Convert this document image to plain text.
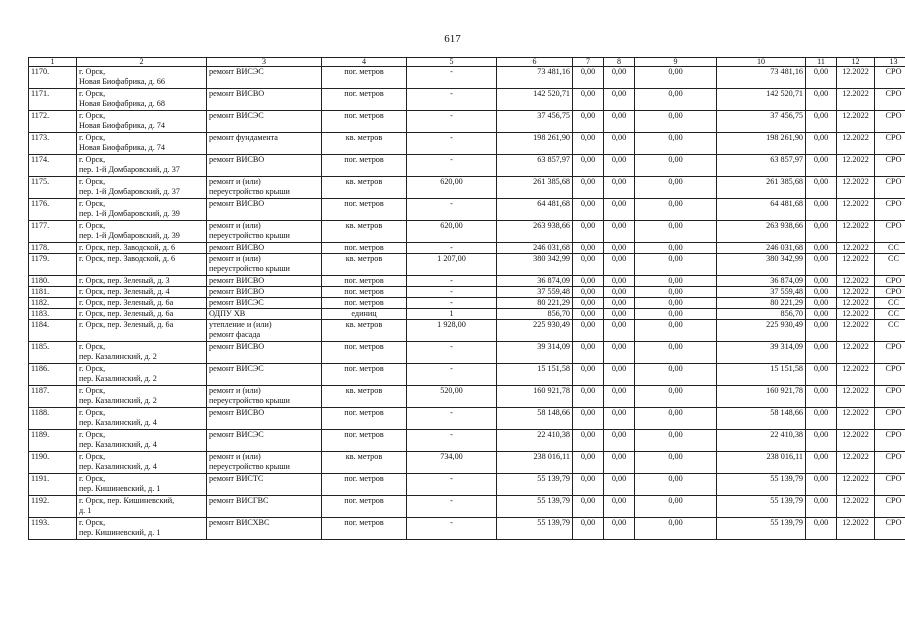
617
1	2	3	4	5	6	7	8	9	10	11	12	13
1170.	г. Орск,
Новая Биофабрика, д. 66	ремонт ВИСЭС	пог. метров	-	73 481,16	0,00	0,00	0,00	73 481,16	0,00	12.2022	СРО
1171.	г. Орск,
Новая Биофабрика, д. 68	ремонт ВИСВО	пог. метров	-	142 520,71	0,00	0,00	0,00	142 520,71	0,00	12.2022	СРО
1172.	г. Орск,
Новая Биофабрика, д. 74	ремонт ВИСЭС	пог. метров	-	37 456,75	0,00	0,00	0,00	37 456,75	0,00	12.2022	СРО
1173.	г. Орск,
Новая Биофабрика, д. 74	ремонт фундамента	кв. метров	-	198 261,90	0,00	0,00	0,00	198 261,90	0,00	12.2022	СРО
1174.	г. Орск,
пер. 1-й Домбаровский, д. 37	ремонт ВИСВО	пог. метров	-	63 857,97	0,00	0,00	0,00	63 857,97	0,00	12.2022	СРО
1175.	г. Орск,
пер. 1-й Домбаровский, д. 37	ремонт и (или)
переустройство крыши	кв. метров	620,00	261 385,68	0,00	0,00	0,00	261 385,68	0,00	12.2022	СРО
1176.	г. Орск,
пер. 1-й Домбаровский, д. 39	ремонт ВИСВО	пог. метров	-	64 481,68	0,00	0,00	0,00	64 481,68	0,00	12.2022	СРО
1177.	г. Орск,
пер. 1-й Домбаровский, д. 39	ремонт и (или)
переустройство крыши	кв. метров	620,00	263 938,66	0,00	0,00	0,00	263 938,66	0,00	12.2022	СРО
1178.	г. Орск, пер. Заводской, д. 6	ремонт ВИСВО	пог. метров	-	246 031,68	0,00	0,00	0,00	246 031,68	0,00	12.2022	СС
1179.	г. Орск, пер. Заводской, д. 6	ремонт и (или)
переустройство крыши	кв. метров	1 207,00	380 342,99	0,00	0,00	0,00	380 342,99	0,00	12.2022	СС
1180.	г. Орск, пер. Зеленый, д. 3	ремонт ВИСВО	пог. метров	-	36 874,09	0,00	0,00	0,00	36 874,09	0,00	12.2022	СРО
1181.	г. Орск, пер. Зеленый, д. 4	ремонт ВИСВО	пог. метров	-	37 559,48	0,00	0,00	0,00	37 559,48	0,00	12.2022	СРО
1182.	г. Орск, пер. Зеленый, д. 6а	ремонт ВИСЭС	пог. метров	-	80 221,29	0,00	0,00	0,00	80 221,29	0,00	12.2022	СС
1183.	г. Орск, пер. Зеленый, д. 6а	ОДПУ ХВ	единиц	1	856,70	0,00	0,00	0,00	856,70	0,00	12.2022	СС
1184.	г. Орск, пер. Зеленый, д. 6а	утепление и (или)
ремонт фасада	кв. метров	1 928,00	225 930,49	0,00	0,00	0,00	225 930,49	0,00	12.2022	СС
1185.	г. Орск,
пер. Казалинский, д. 2	ремонт ВИСВО	пог. метров	-	39 314,09	0,00	0,00	0,00	39 314,09	0,00	12.2022	СРО
1186.	г. Орск,
пер. Казалинский, д. 2	ремонт ВИСЭС	пог. метров	-	15 151,58	0,00	0,00	0,00	15 151,58	0,00	12.2022	СРО
1187.	г. Орск,
пер. Казалинский, д. 2	ремонт и (или)
переустройство крыши	кв. метров	520,00	160 921,78	0,00	0,00	0,00	160 921,78	0,00	12.2022	СРО
1188.	г. Орск,
пер. Казалинский, д. 4	ремонт ВИСВО	пог. метров	-	58 148,66	0,00	0,00	0,00	58 148,66	0,00	12.2022	СРО
1189.	г. Орск,
пер. Казалинский, д. 4	ремонт ВИСЭС	пог. метров	-	22 410,38	0,00	0,00	0,00	22 410,38	0,00	12.2022	СРО
1190.	г. Орск,
пер. Казалинский, д. 4	ремонт и (или)
переустройство крыши	кв. метров	734,00	238 016,11	0,00	0,00	0,00	238 016,11	0,00	12.2022	СРО
1191.	г. Орск,
пер. Кишиневский, д. 1	ремонт ВИСТС	пог. метров	-	55 139,79	0,00	0,00	0,00	55 139,79	0,00	12.2022	СРО
1192.	г. Орск, пер. Кишиневский,
д. 1	ремонт ВИСГВС	пог. метров	-	55 139,79	0,00	0,00	0,00	55 139,79	0,00	12.2022	СРО
1193.	г. Орск,
пер. Кишиневский, д. 1	ремонт ВИСХВС	пог. метров	-	55 139,79	0,00	0,00	0,00	55 139,79	0,00	12.2022	СРО
